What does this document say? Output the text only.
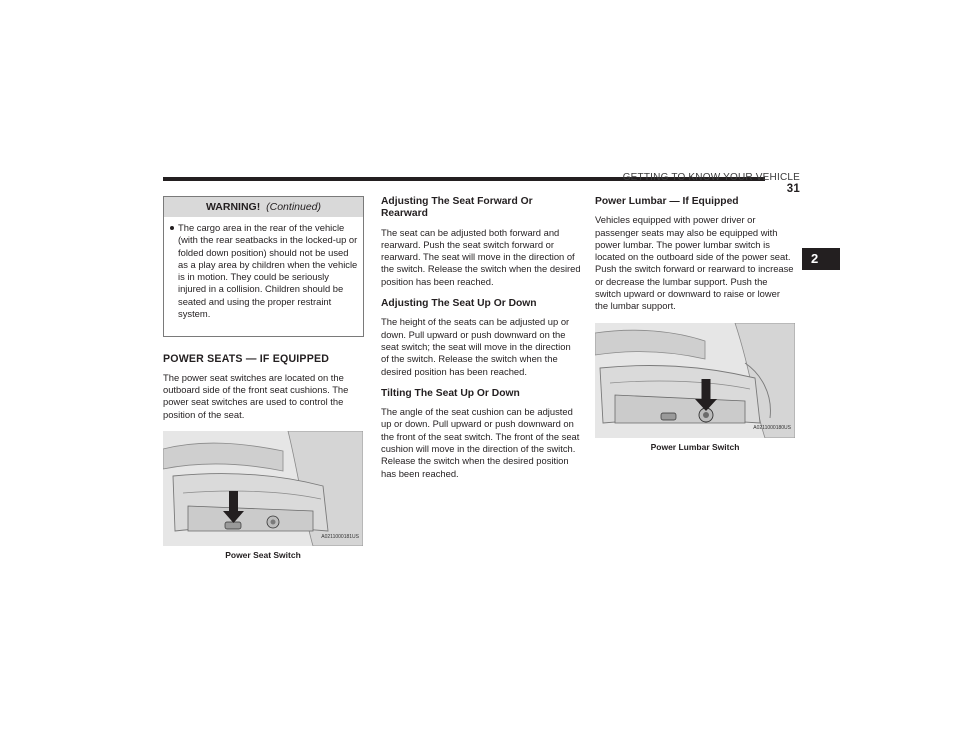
GETTING TO KNOW YOUR VEHICLE 31
2
WARNING! (Continued)

The cargo area in the rear of the vehicle (with the rear seatbacks in the locked-up or folded down position) should not be used as a play area by children when the vehicle is in motion. They could be seriously injured in a collision. Children should be seated and using the proper restraint system.

POWER SEATS — IF EQUIPPED

The power seat switches are located on the outboard side of the front seat cushions. The power seat switches are used to control the position of the seat.

A0211000181US
Power Seat Switch
Adjusting The Seat Forward Or Rearward

The seat can be adjusted both forward and rearward. Push the seat switch forward or rearward. The seat will move in the direction of the switch. Release the switch when the desired position has been reached.

Adjusting The Seat Up Or Down

The height of the seats can be adjusted up or down. Pull upward or push downward on the seat switch; the seat will move in the direction of the switch. Release the switch when the desired position has been reached.

Tilting The Seat Up Or Down

The angle of the seat cushion can be adjusted up or down. Pull upward or push downward on the front of the seat switch. The front of the seat cushion will move in the direction of the switch. Release the switch when the desired position has been reached.

Power Lumbar — If Equipped

Vehicles equipped with power driver or passenger seats may also be equipped with power lumbar. The power lumbar switch is located on the outboard side of the power seat. Push the switch forward or rearward to increase or decrease the lumbar support. Push the switch upward or downward to raise or lower the lumbar support.

A0211000180US
Power Lumbar Switch
